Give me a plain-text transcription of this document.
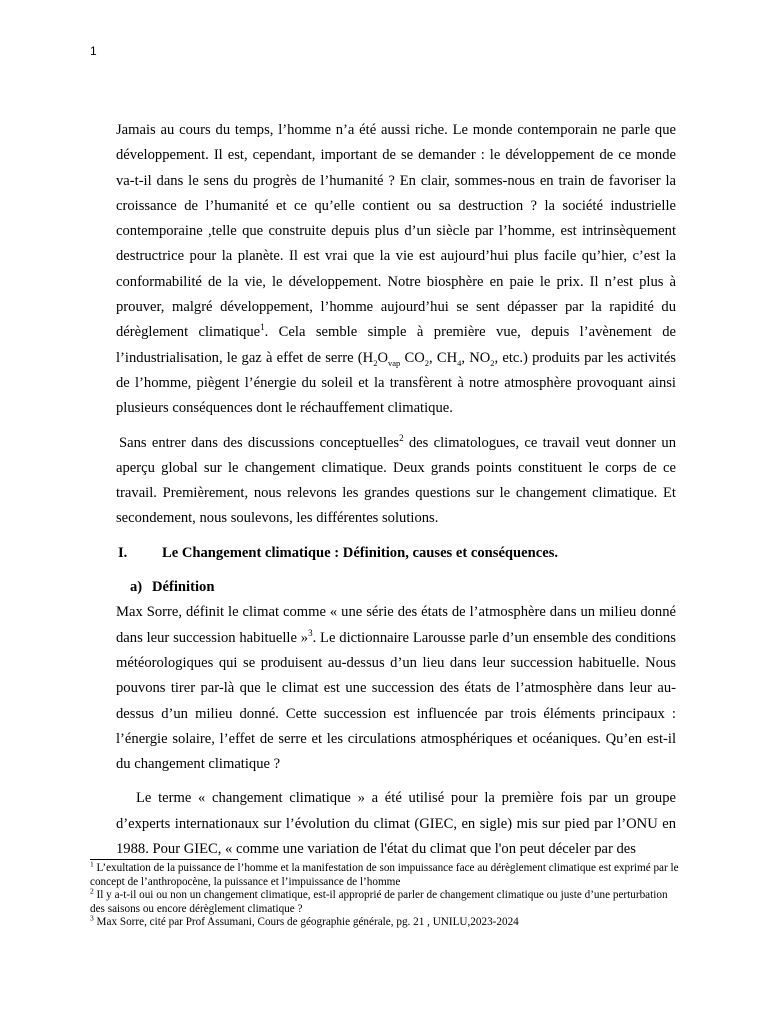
1

Jamais au cours du temps, l’homme n’a été aussi riche. Le monde contemporain ne parle que développement. Il est, cependant, important de se demander : le développement de ce monde va-t-il dans le sens du progrès de l’humanité ? En clair, sommes-nous en train de favoriser la croissance de l’humanité et ce qu’elle contient ou sa destruction ? la société industrielle contemporaine ,telle que construite depuis plus d’un siècle par l’homme, est intrinsèquement destructrice pour la planète. Il est vrai que la vie est aujourd’hui plus facile qu’hier, c’est la conformabilité de la vie, le développement. Notre biosphère en paie le prix. Il n’est plus à prouver, malgré développement, l’homme aujourd’hui se sent dépasser par la rapidité du dérèglement climatique$^1$. Cela semble simple à première vue, depuis l’avènement de l’industrialisation, le gaz à effet de serre ($H_2O_{vap}$ $CO_2$, $CH_4$, $NO_2$, etc.) produits par les activités de l’homme, piègent l’énergie du soleil et la transfèrent à notre atmosphère provoquant ainsi plusieurs conséquences dont le réchauffement climatique.

Sans entrer dans des discussions conceptuelles$^2$ des climatologues, ce travail veut donner un aperçu global sur le changement climatique. Deux grands points constituent le corps de ce travail. Premièrement, nous relevons les grandes questions sur le changement climatique. Et secondement, nous soulevons, les différentes solutions.

I.	Le Changement climatique : Définition, causes et conséquences.
a) Définition

Max Sorre, définit le climat comme « une série des états de l’atmosphère dans un milieu donné dans leur succession habituelle »$^3$. Le dictionnaire Larousse parle d’un ensemble des conditions météorologiques qui se produisent au-dessus d’un lieu dans leur succession habituelle. Nous pouvons tirer par-là que le climat est une succession des états de l’atmosphère dans leur au-dessus d’un milieu donné. Cette succession est influencée par trois éléments principaux : l’énergie solaire, l’effet de serre et les circulations atmosphériques et océaniques. Qu’en est-il du changement climatique ?

Le terme « changement climatique » a été utilisé pour la première fois par un groupe d’experts internationaux sur l’évolution du climat (GIEC, en sigle) mis sur pied par l’ONU en 1988. Pour GIEC, « comme une variation de l'état du climat que l'on peut déceler par des

$^1$ L’exultation de la puissance de l’homme et la manifestation de son impuissance face au dérèglement climatique est exprimé par le concept de l’anthropocène, la puissance et l’impuissance de l’homme

$^2$ Il y a-t-il oui ou non un changement climatique, est-il approprié de parler de changement climatique ou juste d’une perturbation des saisons ou encore dérèglement climatique ?

$^3$ Max Sorre, cité par Prof Assumani, Cours de géographie générale, pg. 21 , UNILU,2023-2024
